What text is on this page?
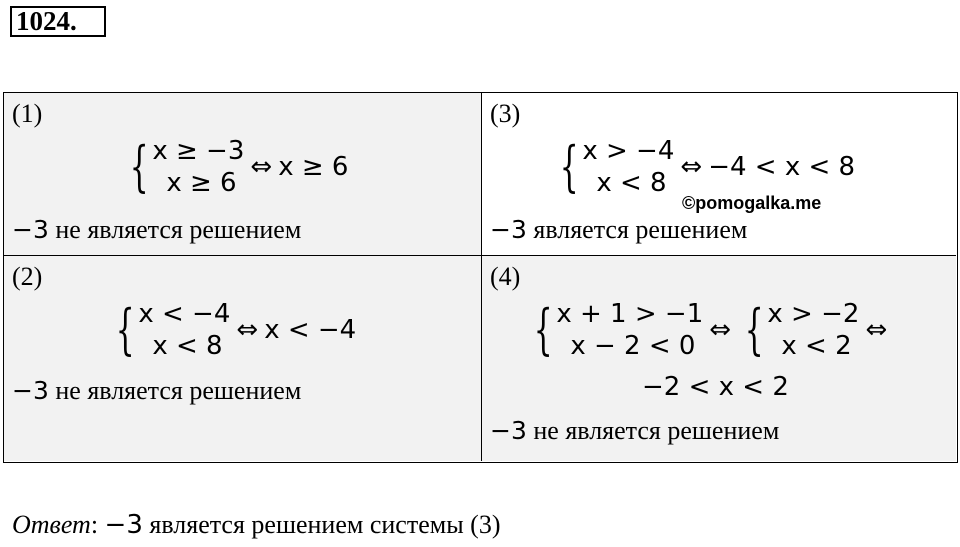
1024.
(1)
{ x ≥ −3
x ≥ 6
⇔ x ≥ 6
−3 не является решением
(3)
{ x > −4
x < 8
⇔ −4 < x < 8
©pomogalka.me
−3 является решением
(2)
{ x < −4
x < 8
⇔ x < −4
−3 не является решением
(4)
{ x + 1 > −1
x − 2 < 0
⇔ { x > −2
x < 2
⇔
−2 < x < 2
−3 не является решением
Ответ: −3 является решением системы (3)
